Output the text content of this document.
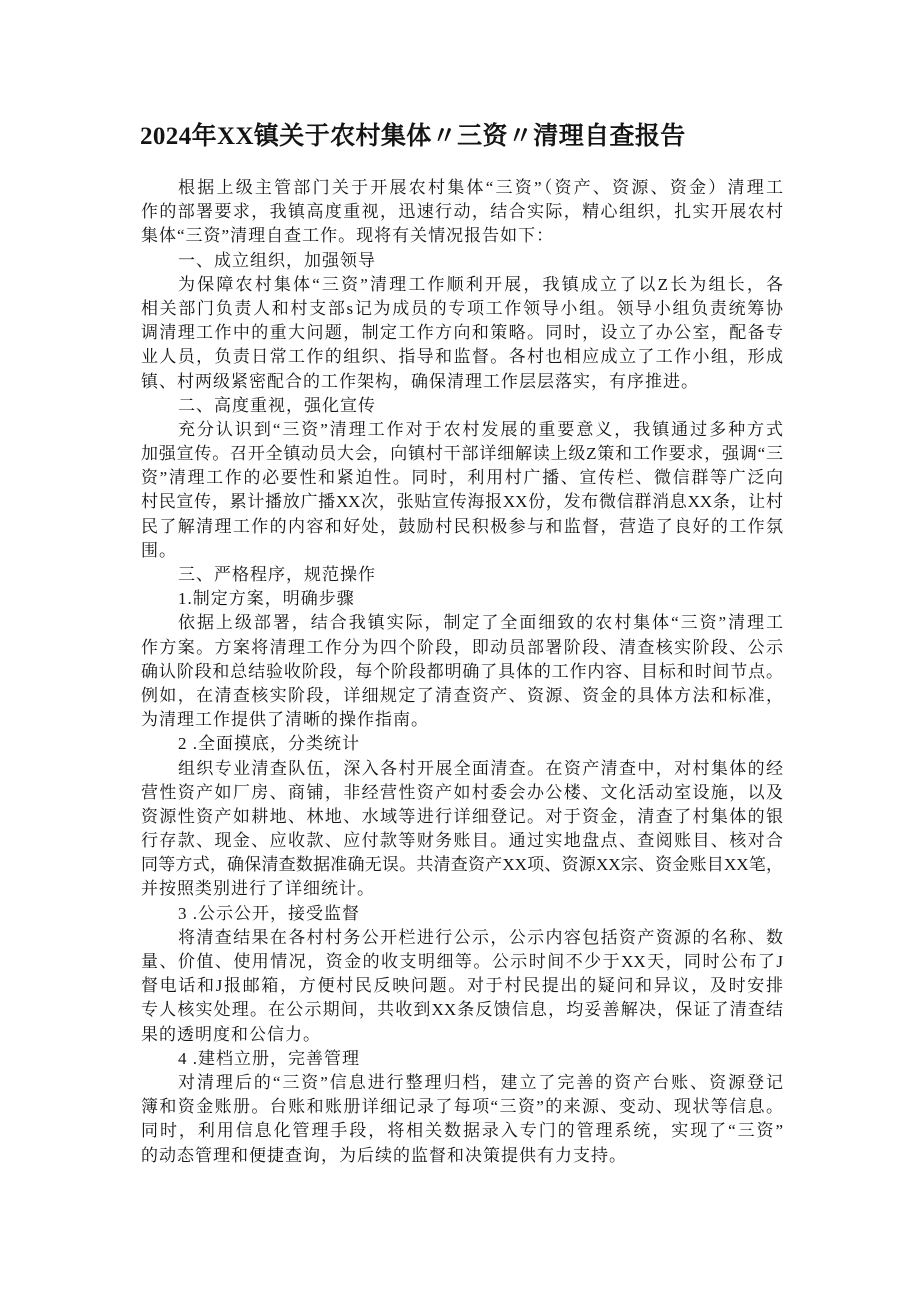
2024年XX镇关于农村集体〃三资〃清理自查报告
根据上级主管部门关于开展农村集体“三资”（资产、资源、资金）清理工
作的部署要求，我镇高度重视，迅速行动，结合实际，精心组织，扎实开展农村
集体“三资”清理自查工作。现将有关情况报告如下：
一、成立组织，加强领导
为保障农村集体“三资”清理工作顺利开展，我镇成立了以Z长为组长，各
相关部门负责人和村支部s记为成员的专项工作领导小组。领导小组负责统筹协
调清理工作中的重大问题，制定工作方向和策略。同时，设立了办公室，配备专
业人员，负责日常工作的组织、指导和监督。各村也相应成立了工作小组，形成
镇、村两级紧密配合的工作架构，确保清理工作层层落实，有序推进。
二、高度重视，强化宣传
充分认识到“三资”清理工作对于农村发展的重要意义，我镇通过多种方式
加强宣传。召开全镇动员大会，向镇村干部详细解读上级Z策和工作要求，强调“三
资”清理工作的必要性和紧迫性。同时，利用村广播、宣传栏、微信群等广泛向
村民宣传，累计播放广播XX次，张贴宣传海报XX份，发布微信群消息XX条，让村
民了解清理工作的内容和好处，鼓励村民积极参与和监督，营造了良好的工作氛
围。
三、严格程序，规范操作
1.制定方案，明确步骤
依据上级部署，结合我镇实际，制定了全面细致的农村集体“三资”清理工
作方案。方案将清理工作分为四个阶段，即动员部署阶段、清查核实阶段、公示
确认阶段和总结验收阶段，每个阶段都明确了具体的工作内容、目标和时间节点。
例如，在清查核实阶段，详细规定了清查资产、资源、资金的具体方法和标准，
为清理工作提供了清晰的操作指南。
2 .全面摸底，分类统计
组织专业清查队伍，深入各村开展全面清查。在资产清查中，对村集体的经
营性资产如厂房、商铺，非经营性资产如村委会办公楼、文化活动室设施，以及
资源性资产如耕地、林地、水域等进行详细登记。对于资金，清查了村集体的银
行存款、现金、应收款、应付款等财务账目。通过实地盘点、查阅账目、核对合
同等方式，确保清查数据准确无误。共清查资产XX项、资源XX宗、资金账目XX笔，
并按照类别进行了详细统计。
3 .公示公开，接受监督
将清查结果在各村村务公开栏进行公示，公示内容包括资产资源的名称、数
量、价值、使用情况，资金的收支明细等。公示时间不少于XX天，同时公布了J
督电话和J报邮箱，方便村民反映问题。对于村民提出的疑问和异议，及时安排
专人核实处理。在公示期间，共收到XX条反馈信息，均妥善解决，保证了清查结
果的透明度和公信力。
4 .建档立册，完善管理
对清理后的“三资”信息进行整理归档，建立了完善的资产台账、资源登记
簿和资金账册。台账和账册详细记录了每项“三资”的来源、变动、现状等信息。
同时，利用信息化管理手段，将相关数据录入专门的管理系统，实现了“三资”
的动态管理和便捷查询，为后续的监督和决策提供有力支持。
